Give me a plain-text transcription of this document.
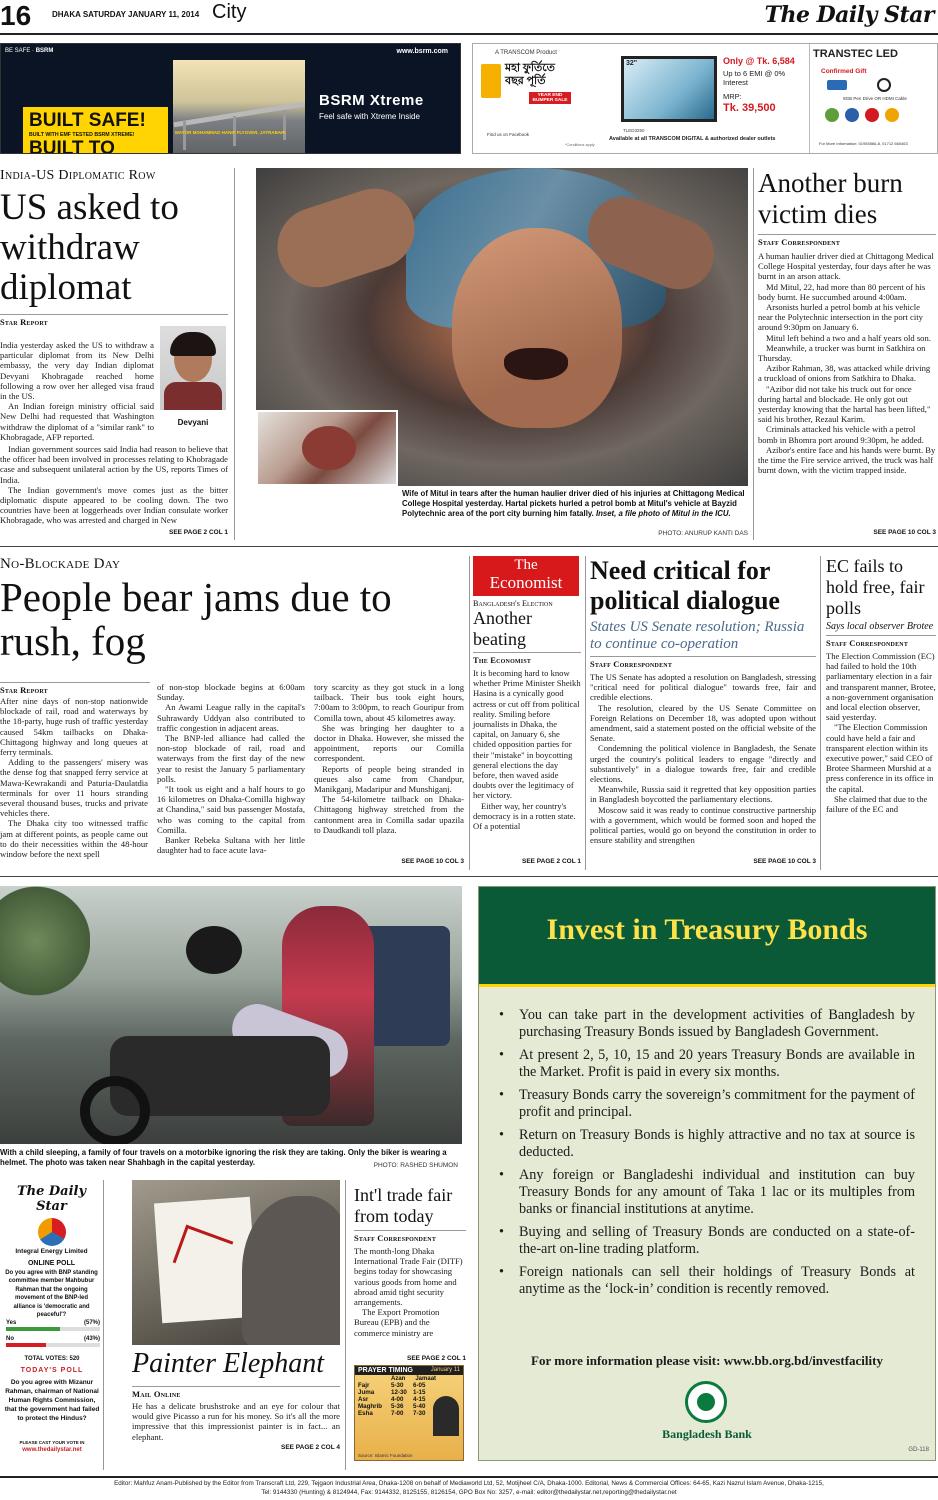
16	DHAKA SATURDAY JANUARY 11, 2014 City	The Daily Star
BE SAFE · BSRM	www.bsrm.com
BUILT SAFE!
BUILT WITH EMF TESTED BSRM XTREME!
BUILT TO
MAYOR MOHAMMAD HANIF FLYOVER, JATRABARI
BSRM Xtreme
Feel safe with Xtreme Inside
A TRANSCOM Product
মহা ফুর্তিতে বছর পূর্তি
YEAR END BUMPER SALE
Find us on Facebook
32"
TLED3250
Only @ Tk. 6,584
Up to 6 EMI @ 0% Interest
MRP:
Tk. 39,500
Available at all TRANSCOM DIGITAL & authorized dealer outlets
*Conditions apply
TRANSTEC LED
Confirmed Gift
8GB Pen Drive OR HDMI Cable
For More Information: 01955566-8, 01712 660463
India-US Diplomatic Row
US asked to withdraw diplomat
Star Report
Devyani

India yesterday asked the US to withdraw a particular diplomat from its New Delhi embassy, the very day Indian diplomat Devyani Khobragade reached home following a row over her alleged visa fraud in the US.

An Indian foreign ministry official said New Delhi had requested that Washington withdraw the diplomat of a "similar rank" to Khobragade, AFP reported.

Indian government sources said India had reason to believe that the officer had been involved in processes relating to Khobragade case and subsequent unilateral action by the US, reports Times of India.

The Indian government's move comes just as the bitter diplomatic dispute appeared to be cooling down. The two countries have been at loggerheads over Indian consulate worker Khobragade, who was arrested and charged in New

SEE PAGE 2 COL 1
Wife of Mitul in tears after the human haulier driver died of his injuries at Chittagong Medical College Hospital yesterday. Hartal pickets hurled a petrol bomb at Mitul's vehicle at Bayzid Polytechnic area of the port city burning him fatally. Inset, a file photo of Mitul in the ICU.
PHOTO: ANURUP KANTI DAS
Another burn victim dies
Staff Correspondent

A human haulier driver died at Chittagong Medical College Hospital yesterday, four days after he was burnt in an arson attack.

Md Mitul, 22, had more than 80 percent of his body burnt. He succumbed around 4:00am.

Arsonists hurled a petrol bomb at his vehicle near the Polytechnic intersection in the port city around 9:30pm on January 6.

Mitul left behind a two and a half years old son.

Meanwhile, a trucker was burnt in Satkhira on Thursday.

Azibor Rahman, 38, was attacked while driving a truckload of onions from Satkhira to Dhaka.

"Azibor did not take his truck out for once during hartal and blockade. He only got out yesterday knowing that the hartal has been lifted," said his brother, Rezaul Karim.

Criminals attacked his vehicle with a petrol bomb in Bhomra port around 9:30pm, he added.

Azibor's entire face and his hands were burnt. By the time the Fire service arrived, the truck was half burnt down, with the victim trapped inside.

SEE PAGE 10 COL 3
No-Blockade Day
People bear jams due to rush, fog
Star Report

After nine days of non-stop nationwide blockade of rail, road and waterways by the 18-party, huge rush of traffic yesterday caused 54km tailbacks on Dhaka-Chittagong highway and long queues at ferry terminals.

Adding to the passengers' misery was the dense fog that snapped ferry service at Mawa-Kewrakandi and Paturia-Daulatdia terminals for over 11 hours stranding several thousand buses, trucks and private vehicles there.

The Dhaka city too witnessed traffic jam at different points, as people came out to do their necessities within the 48-hour window before the next spell

of non-stop blockade begins at 6:00am Sunday.

An Awami League rally in the capital's Suhrawardy Uddyan also contributed to traffic congestion in adjacent areas.

The BNP-led alliance had called the non-stop blockade of rail, road and waterways from the first day of the new year to resist the January 5 parliamentary polls.

"It took us eight and a half hours to go 16 kilometres on Dhaka-Comilla highway at Chandina," said bus passenger Mostafa, who was coming to the capital from Comilla.

Banker Rebeka Sultana with her little daughter had to face acute lava-

tory scarcity as they got stuck in a long tailback. Their bus took eight hours, 7:00am to 3:00pm, to reach Gouripur from Comilla town, about 45 kilometres away.

She was bringing her daughter to a doctor in Dhaka. However, she missed the appointment, reports our Comilla correspondent.

Reports of people being stranded in queues also came from Chandpur, Manikganj, Madaripur and Munshiganj.

The 54-kilometre tailback on Dhaka-Chittagong highway stretched from the cantonment area in Comilla sadar upazila to Daudkandi toll plaza.

SEE PAGE 10 COL 3
The
Economist
Bangladesh's Election
Another beating
The Economist

It is becoming hard to know whether Prime Minister Sheikh Hasina is a cynically good actress or cut off from political reality. Smiling before journalists in Dhaka, the capital, on January 6, she chided opposition parties for their "mistake" in boycotting general elections the day before, then waved aside doubts over the legitimacy of her victory.

Either way, her country's democracy is in a rotten state. Of a potential

SEE PAGE 2 COL 1
Need critical for political dialogue
States US Senate resolution; Russia to continue co-operation
Staff Correspondent

The US Senate has adopted a resolution on Bangladesh, stressing "critical need for political dialogue" towards free, fair and credible elections.

The resolution, cleared by the US Senate Committee on Foreign Relations on December 18, was adopted upon without amendment, said a statement posted on the official website of the Senate.

Condemning the political violence in Bangladesh, the Senate urged the country's political leaders to engage "directly and substantively" in a dialogue towards free, fair and credible elections.

Meanwhile, Russia said it regretted that key opposition parties in Bangladesh boycotted the parliamentary elections.

Moscow said it was ready to continue constructive partnership with a government, which would be formed soon and hoped the political parties, would go on beyond the constitution in order to ensure stability and strengthen

SEE PAGE 10 COL 3
EC fails to hold free, fair polls
Says local observer Brotee
Staff Correspondent

The Election Commission (EC) had failed to hold the 10th parliamentary election in a fair and transparent manner, Brotee, a non-government organisation and local election observer, said yesterday.

"The Election Commission could have held a fair and transparent election within its executive power," said CEO of Brotee Sharmeen Murshid at a press conference in its office in the capital.

She claimed that due to the failure of the EC and

With a child sleeping, a family of four travels on a motorbike ignoring the risk they are taking. Only the biker is wearing a helmet. The photo was taken near Shahbagh in the capital yesterday.	PHOTO: RASHED SHUMON
The Daily Star
Integral Energy Limited
ONLINE POLL
Do you agree with BNP standing committee member Mahbubur Rahman that the ongoing movement of the BNP-led alliance is 'democratic and peaceful'?
Yes	(57%)
No	(43%)
TOTAL VOTES: 520
TODAY'S POLL
Do you agree with Mizanur Rahman, chairman of National Human Rights Commission, that the government had failed to protect the Hindus?
PLEASE CAST YOUR VOTE IN
www.thedailystar.net
Painter Elephant
Mail Online
He has a delicate brushstroke and an eye for colour that would give Picasso a run for his money. So it's all the more impressive that this impressionist painter is in fact... an elephant.
SEE PAGE 2 COL 4
Int'l trade fair from today
Staff Correspondent

The month-long Dhaka International Trade Fair (DITF) begins today for showcasing various goods from home and abroad amid tight security arrangements.

The Export Promotion Bureau (EPB) and the commerce ministry are

SEE PAGE 2 COL 1
PRAYER TIMING	January 11
Azan Jamaat
Fajr	5-30	6-05
Juma	12-30 1-15
Asr	4-00	4-15
Maghrib	5-36	5-40
Esha	7-00	7-30
Source: Islamic Foundation
Invest in Treasury Bonds
•	You can take part in the development activities of Bangladesh by purchasing Treasury Bonds issued by Bangladesh Government.
•	At present 2, 5, 10, 15 and 20 years Treasury Bonds are available in the Market. Profit is paid in every six months.
•	Treasury Bonds carry the sovereign’s commitment for the payment of profit and principal.
•	Return on Treasury Bonds is highly attractive and no tax at source is deducted.
•	Any foreign or Bangladeshi individual and institution can buy Treasury Bonds for any amount of Taka 1 lac or its multiples from banks or financial institutions at anytime.
•	Buying and selling of Treasury Bonds are conducted on a state-of-the-art on-line trading platform.
•	Foreign nationals can sell their holdings of Treasury Bonds at anytime as the ‘lock-in’ condition is recently removed.
For more information please visit: www.bb.org.bd/investfacility
Bangladesh Bank
GD-118
Editor: Mahfuz Anam-Published by the Editor from Transcraft Ltd, 229, Tejgaon Industrial Area, Dhaka-1208 on behalf of Mediaworld Ltd, 52, Motijheel C/A, Dhaka-1000. Editorial, News & Commercial Offices: 64-65, Kazi Nazrul Islam Avenue, Dhaka-1215,
Tel: 9144330 (Hunting) & 8124944, Fax: 9144332, 8125155, 8126154, GPO Box No: 3257, e-mail: editor@thedailystar.net,reporting@thedailystar.net
